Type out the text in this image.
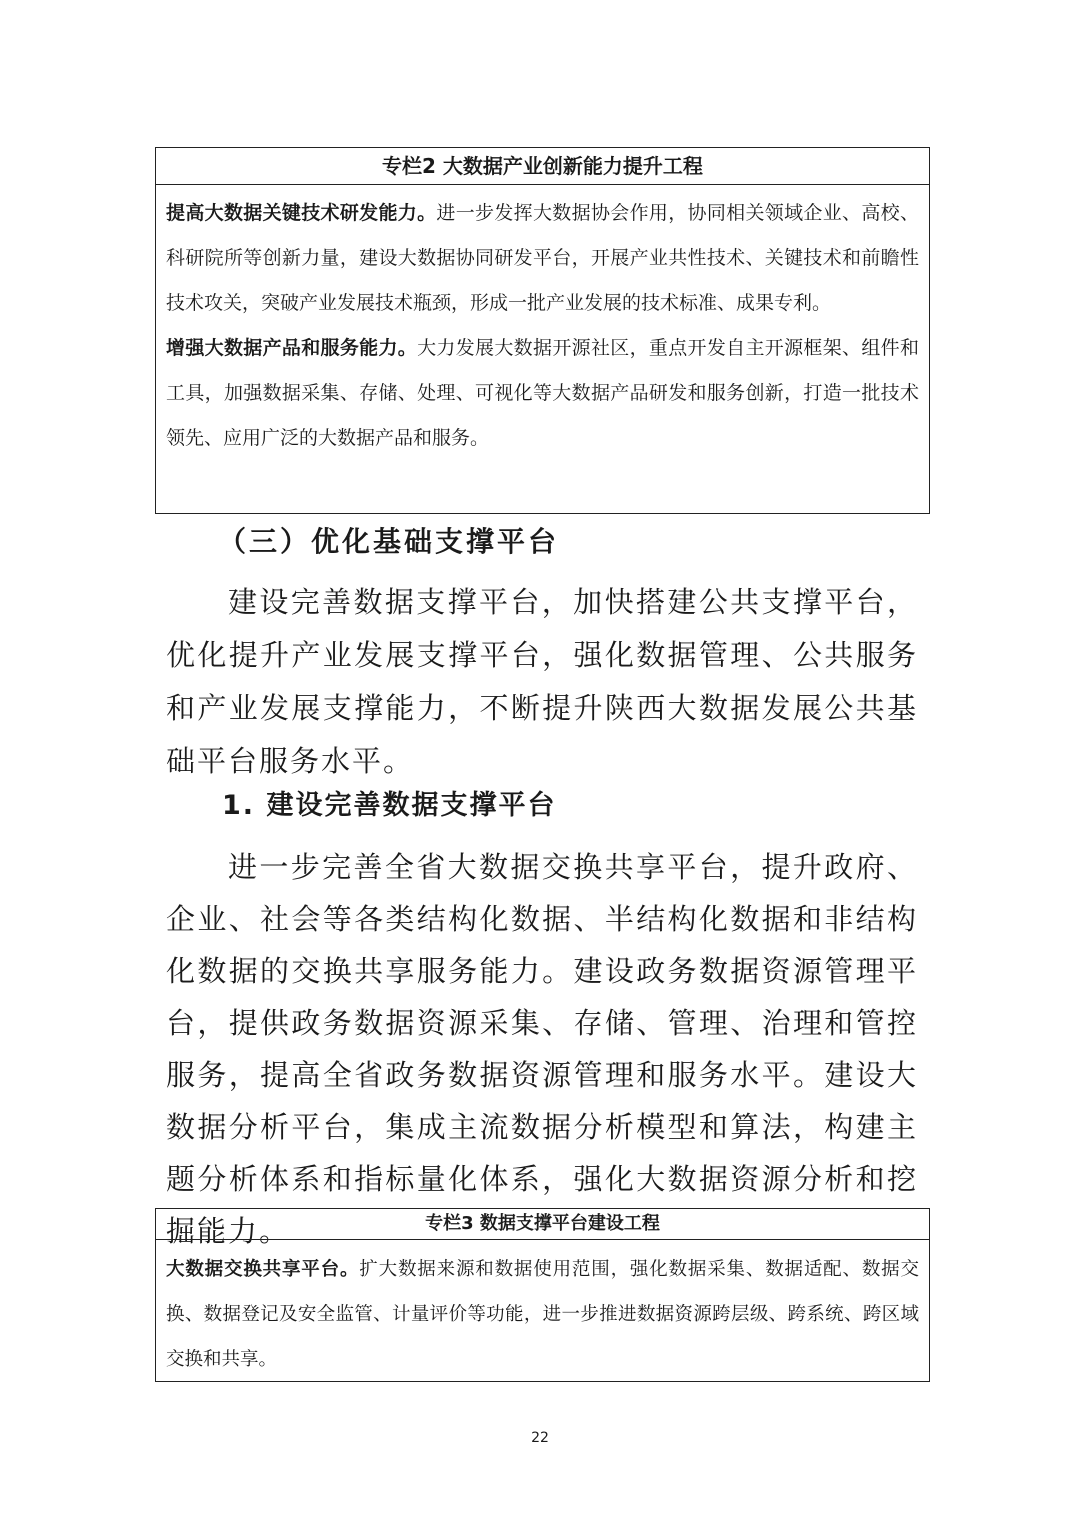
专栏2 大数据产业创新能力提升工程

提高大数据关键技术研发能力。进一步发挥大数据协会作用，协同相关领域企业、高校、科研院所等创新力量，建设大数据协同研发平台，开展产业共性技术、关键技术和前瞻性技术攻关，突破产业发展技术瓶颈，形成一批产业发展的技术标准、成果专利。

增强大数据产品和服务能力。大力发展大数据开源社区，重点开发自主开源框架、组件和工具，加强数据采集、存储、处理、可视化等大数据产品研发和服务创新，打造一批技术领先、应用广泛的大数据产品和服务。

（三）优化基础支撑平台

建设完善数据支撑平台，加快搭建公共支撑平台，优化提升产业发展支撑平台，强化数据管理、公共服务和产业发展支撑能力，不断提升陕西大数据发展公共基础平台服务水平。

1. 建设完善数据支撑平台

进一步完善全省大数据交换共享平台，提升政府、企业、社会等各类结构化数据、半结构化数据和非结构化数据的交换共享服务能力。建设政务数据资源管理平台，提供政务数据资源采集、存储、管理、治理和管控服务，提高全省政务数据资源管理和服务水平。建设大数据分析平台，集成主流数据分析模型和算法，构建主题分析体系和指标量化体系，强化大数据资源分析和挖掘能力。	专栏3 数据支撑平台建设工程

大数据交换共享平台。扩大数据来源和数据使用范围，强化数据采集、数据适配、数据交换、数据登记及安全监管、计量评价等功能，进一步推进数据资源跨层级、跨系统、跨区域交换和共享。

22
